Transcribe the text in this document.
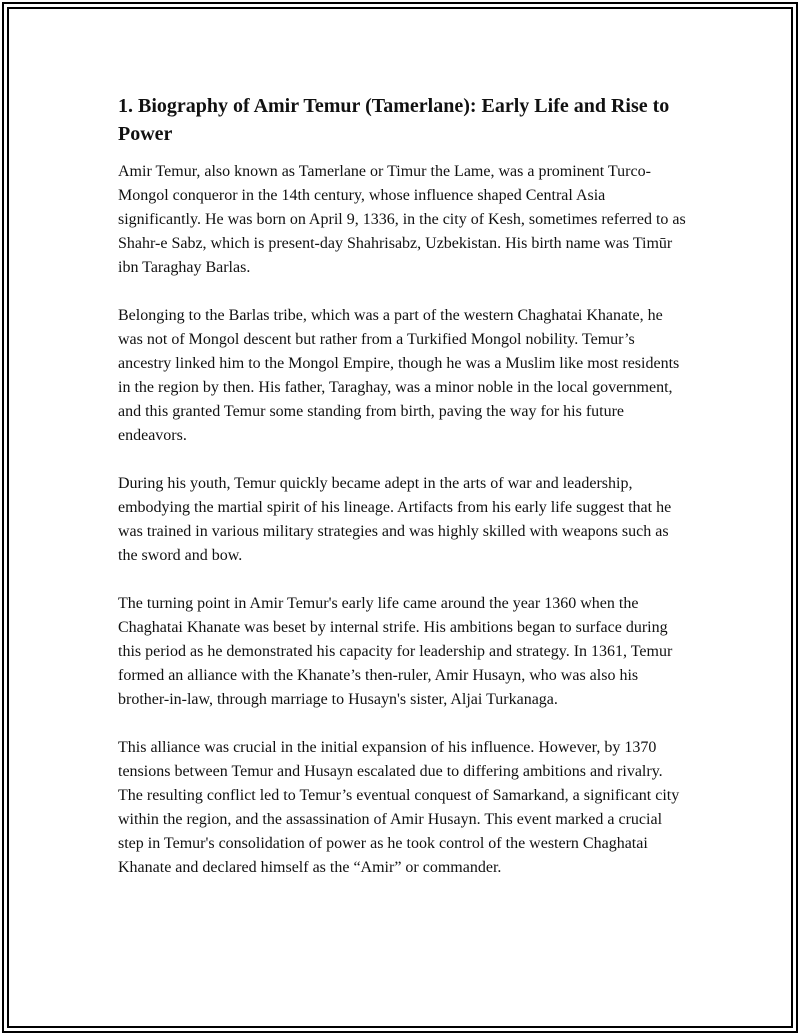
1. Biography of Amir Temur (Tamerlane): Early Life and Rise to Power

Amir Temur, also known as Tamerlane or Timur the Lame, was a prominent Turco-Mongol conqueror in the 14th century, whose influence shaped Central Asia significantly. He was born on April 9, 1336, in the city of Kesh, sometimes referred to as Shahr-e Sabz, which is present-day Shahrisabz, Uzbekistan. His birth name was Timūr ibn Taraghay Barlas.

Belonging to the Barlas tribe, which was a part of the western Chaghatai Khanate, he was not of Mongol descent but rather from a Turkified Mongol nobility. Temur’s ancestry linked him to the Mongol Empire, though he was a Muslim like most residents in the region by then. His father, Taraghay, was a minor noble in the local government, and this granted Temur some standing from birth, paving the way for his future endeavors.

During his youth, Temur quickly became adept in the arts of war and leadership, embodying the martial spirit of his lineage. Artifacts from his early life suggest that he was trained in various military strategies and was highly skilled with weapons such as the sword and bow.

The turning point in Amir Temur's early life came around the year 1360 when the Chaghatai Khanate was beset by internal strife. His ambitions began to surface during this period as he demonstrated his capacity for leadership and strategy. In 1361, Temur formed an alliance with the Khanate’s then-ruler, Amir Husayn, who was also his brother-in-law, through marriage to Husayn's sister, Aljai Turkanaga.

This alliance was crucial in the initial expansion of his influence. However, by 1370 tensions between Temur and Husayn escalated due to differing ambitions and rivalry. The resulting conflict led to Temur’s eventual conquest of Samarkand, a significant city within the region, and the assassination of Amir Husayn. This event marked a crucial step in Temur's consolidation of power as he took control of the western Chaghatai Khanate and declared himself as the “Amir” or commander.
